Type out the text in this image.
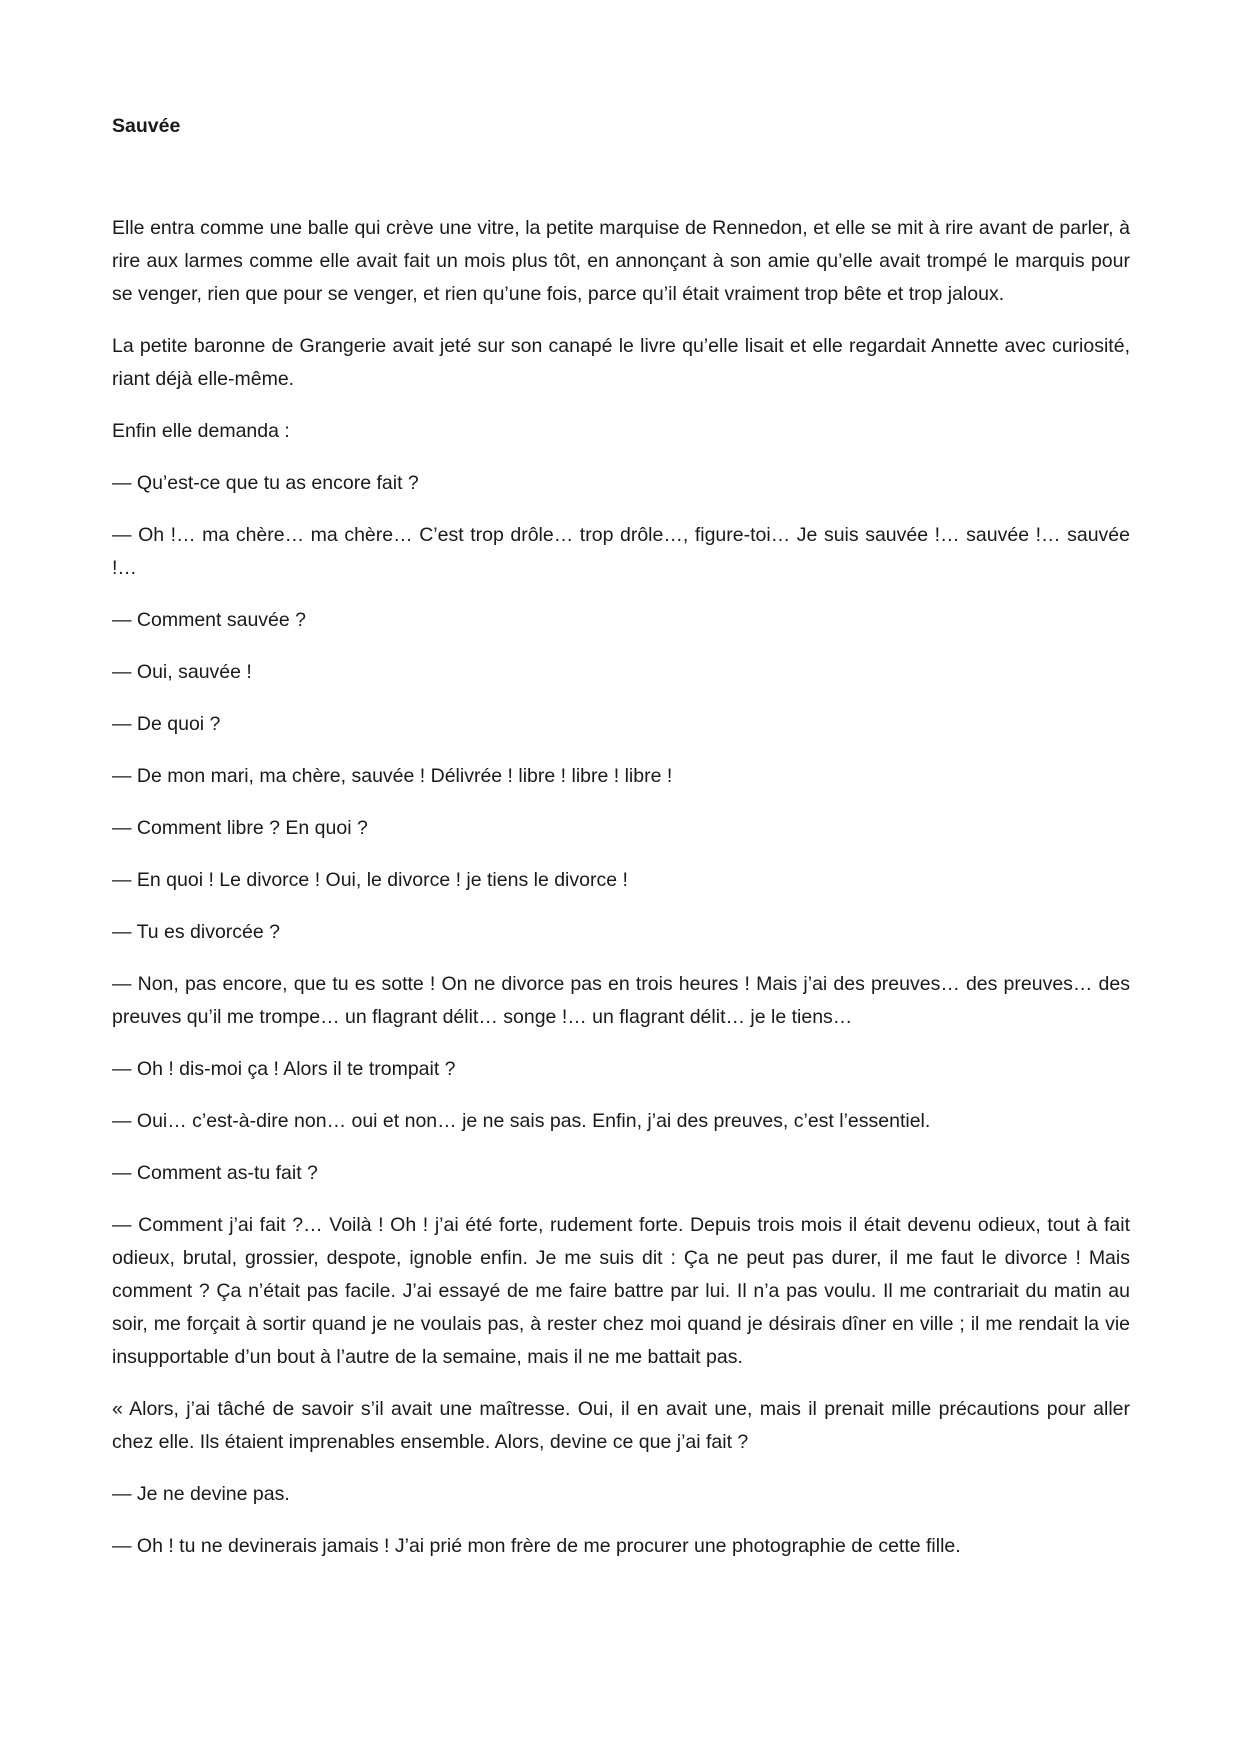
Sauvée

Elle entra comme une balle qui crève une vitre, la petite marquise de Rennedon, et elle se mit à rire avant de parler, à rire aux larmes comme elle avait fait un mois plus tôt, en annonçant à son amie qu’elle avait trompé le marquis pour se venger, rien que pour se venger, et rien qu’une fois, parce qu’il était vraiment trop bête et trop jaloux.

La petite baronne de Grangerie avait jeté sur son canapé le livre qu’elle lisait et elle regardait Annette avec curiosité, riant déjà elle-même.

Enfin elle demanda :

— Qu’est-ce que tu as encore fait ?

— Oh !… ma chère… ma chère… C’est trop drôle… trop drôle…, figure-toi… Je suis sauvée !… sauvée !… sauvée !…

— Comment sauvée ?

— Oui, sauvée !

— De quoi ?

— De mon mari, ma chère, sauvée ! Délivrée ! libre ! libre ! libre !

— Comment libre ? En quoi ?

— En quoi ! Le divorce ! Oui, le divorce ! je tiens le divorce !

— Tu es divorcée ?

— Non, pas encore, que tu es sotte ! On ne divorce pas en trois heures ! Mais j’ai des preuves… des preuves… des preuves qu’il me trompe… un flagrant délit… songe !… un flagrant délit… je le tiens…

— Oh ! dis-moi ça ! Alors il te trompait ?

— Oui… c’est-à-dire non… oui et non… je ne sais pas. Enfin, j’ai des preuves, c’est l’essentiel.

— Comment as-tu fait ?

— Comment j’ai fait ?… Voilà ! Oh ! j’ai été forte, rudement forte. Depuis trois mois il était devenu odieux, tout à fait odieux, brutal, grossier, despote, ignoble enfin. Je me suis dit : Ça ne peut pas durer, il me faut le divorce ! Mais comment ? Ça n’était pas facile. J’ai essayé de me faire battre par lui. Il n’a pas voulu. Il me contrariait du matin au soir, me forçait à sortir quand je ne voulais pas, à rester chez moi quand je désirais dîner en ville ; il me rendait la vie insupportable d’un bout à l’autre de la semaine, mais il ne me battait pas.

« Alors, j’ai tâché de savoir s’il avait une maîtresse. Oui, il en avait une, mais il prenait mille précautions pour aller chez elle. Ils étaient imprenables ensemble. Alors, devine ce que j’ai fait ?

— Je ne devine pas.

— Oh ! tu ne devinerais jamais ! J’ai prié mon frère de me procurer une photographie de cette fille.
